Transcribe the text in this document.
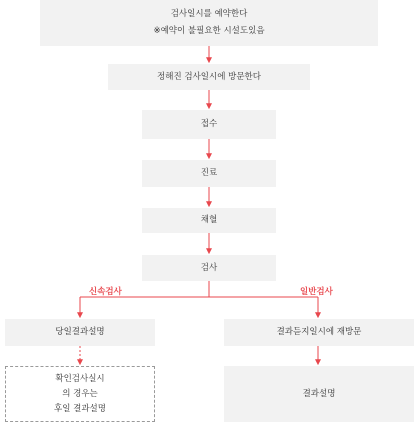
검사일시를 예약한다
※예약이 불필요한 시설도있음
정해진 검사일시에 방문한다
접수
진료
채혈
검사
신속검사	일반검사
당일결과설명	결과듣지일시에 재방문
확인검사실시
의 경우는
후일 결과설명
결과설명
